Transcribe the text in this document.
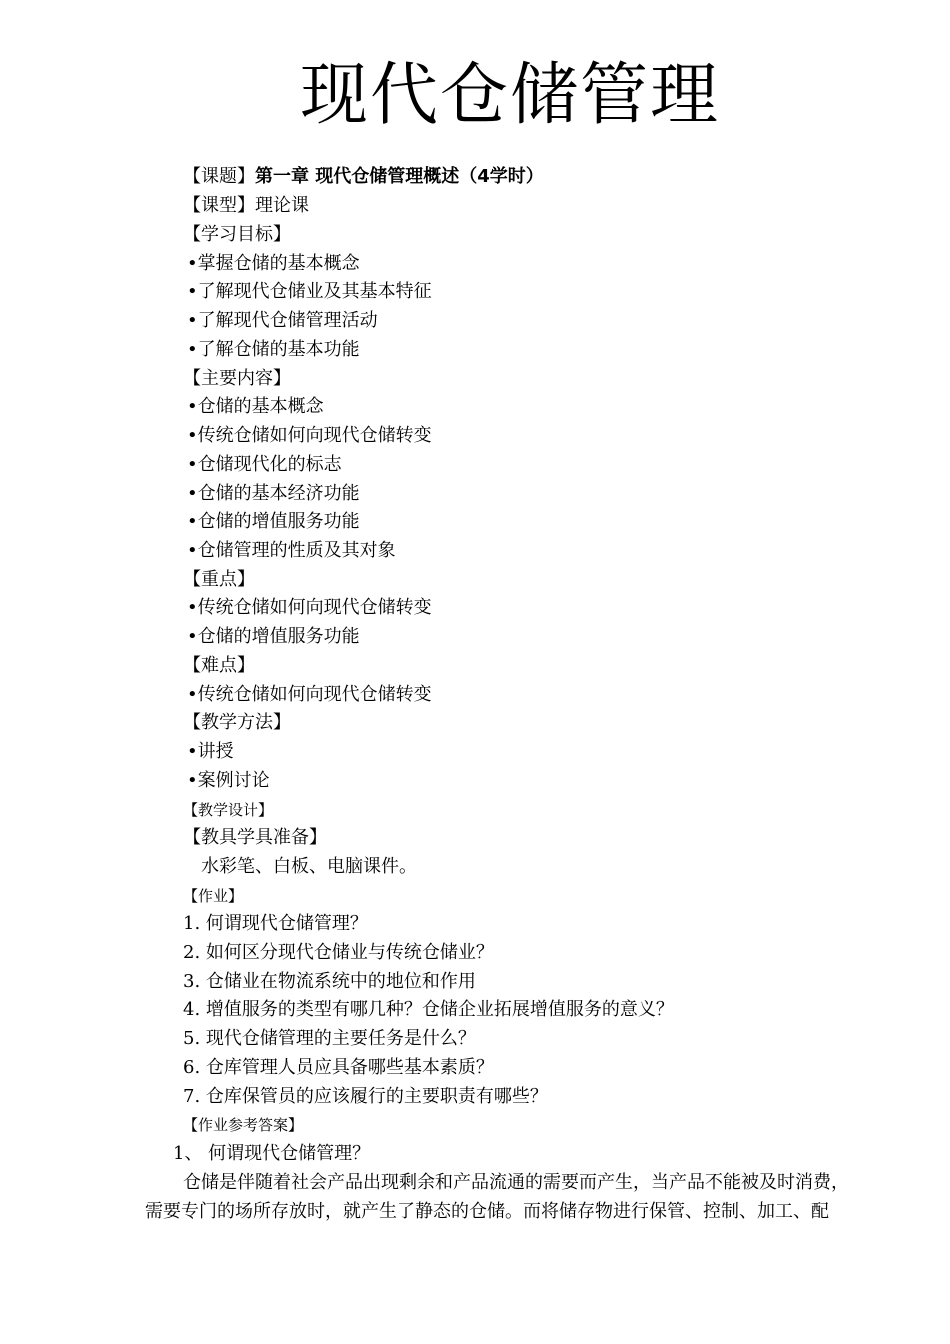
现代仓储管理
【课题】第一章 现代仓储管理概述（4学时）
【课型】理论课
【学习目标】
•掌握仓储的基本概念
•了解现代仓储业及其基本特征
•了解现代仓储管理活动
•了解仓储的基本功能
【主要内容】
•仓储的基本概念
•传统仓储如何向现代仓储转变
•仓储现代化的标志
•仓储的基本经济功能
•仓储的增值服务功能
•仓储管理的性质及其对象
【重点】
•传统仓储如何向现代仓储转变
•仓储的增值服务功能
【难点】
•传统仓储如何向现代仓储转变
【教学方法】
•讲授
•案例讨论
【教学设计】
【教具学具准备】
水彩笔、白板、电脑课件。
【作业】
1. 何谓现代仓储管理？
2. 如何区分现代仓储业与传统仓储业？
3. 仓储业在物流系统中的地位和作用
4. 增值服务的类型有哪几种？仓储企业拓展增值服务的意义？
5. 现代仓储管理的主要任务是什么？
6. 仓库管理人员应具备哪些基本素质？
7. 仓库保管员的应该履行的主要职责有哪些？
【作业参考答案】
1、 何谓现代仓储管理？
仓储是伴随着社会产品出现剩余和产品流通的需要而产生，当产品不能被及时消费，
需要专门的场所存放时，就产生了静态的仓储。而将储存物进行保管、控制、加工、配
